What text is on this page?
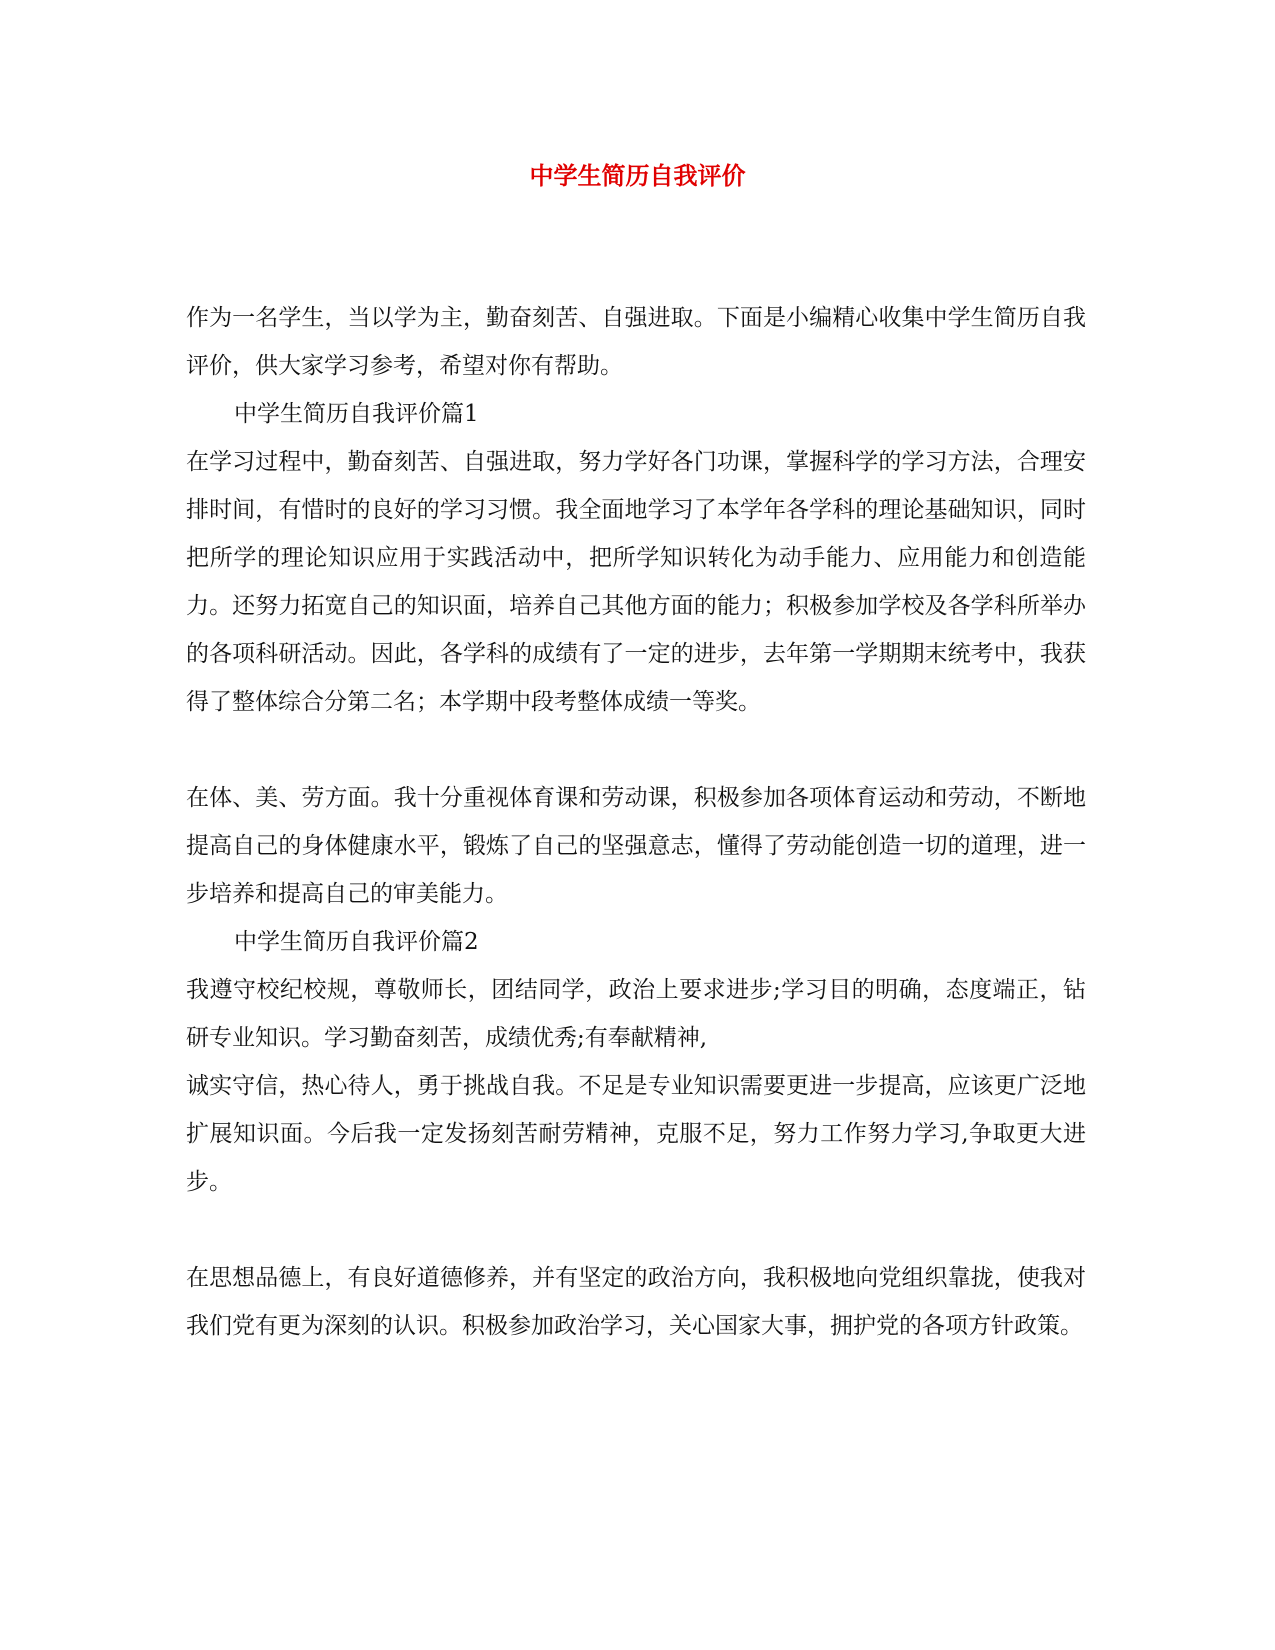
中学生简历自我评价

作为一名学生，当以学为主，勤奋刻苦、自强进取。下面是小编精心收集中学生简历自我评价，供大家学习参考，希望对你有帮助。

中学生简历自我评价篇1

在学习过程中，勤奋刻苦、自强进取，努力学好各门功课，掌握科学的学习方法，合理安排时间，有惜时的良好的学习习惯。我全面地学习了本学年各学科的理论基础知识，同时把所学的理论知识应用于实践活动中，把所学知识转化为动手能力、应用能力和创造能力。还努力拓宽自己的知识面，培养自己其他方面的能力；积极参加学校及各学科所举办的各项科研活动。因此，各学科的成绩有了一定的进步，去年第一学期期末统考中，我获得了整体综合分第二名；本学期中段考整体成绩一等奖。

在体、美、劳方面。我十分重视体育课和劳动课，积极参加各项体育运动和劳动，不断地提高自己的身体健康水平，锻炼了自己的坚强意志，懂得了劳动能创造一切的道理，进一步培养和提高自己的审美能力。

中学生简历自我评价篇2

我遵守校纪校规，尊敬师长，团结同学，政治上要求进步;学习目的明确，态度端正，钻研专业知识。学习勤奋刻苦，成绩优秀;有奉献精神,

诚实守信，热心待人，勇于挑战自我。不足是专业知识需要更进一步提高，应该更广泛地扩展知识面。今后我一定发扬刻苦耐劳精神，克服不足，努力工作努力学习,争取更大进步。

在思想品德上，有良好道德修养，并有坚定的政治方向，我积极地向党组织靠拢，使我对我们党有更为深刻的认识。积极参加政治学习，关心国家大事，拥护党的各项方针政策。
